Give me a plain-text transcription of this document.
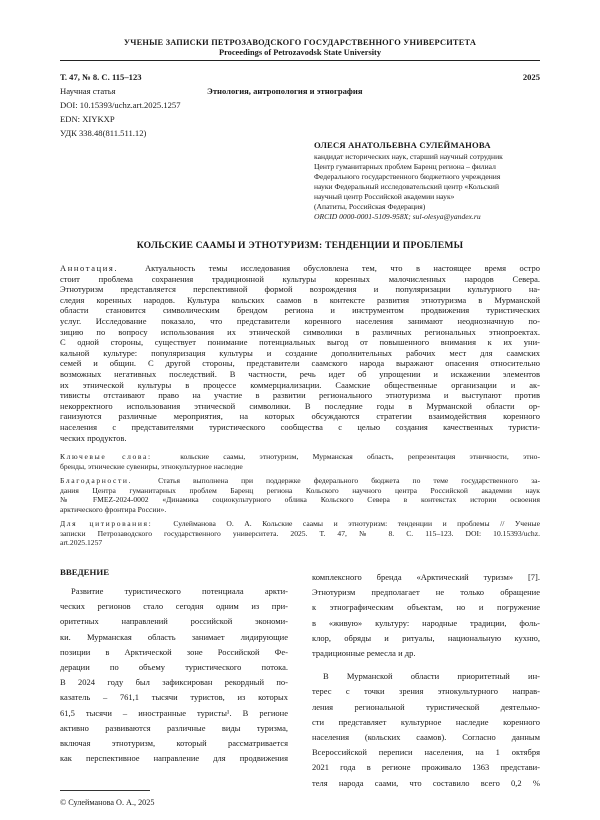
УЧЕНЫЕ ЗАПИСКИ ПЕТРОЗАВОДСКОГО ГОСУДАРСТВЕННОГО УНИВЕРСИТЕТА
Proceedings of Petrozavodsk State University
Т. 47, № 8. С. 115–123	2025
Научная статья	Этнология, антропология и этнография
DOI: 10.15393/uchz.art.2025.1257
EDN: XIYKXP
УДК 338.48(811.511.12)
ОЛЕСЯ АНАТОЛЬЕВНА СУЛЕЙМАНОВА
кандидат исторических наук, старший научный сотрудник
Центр гуманитарных проблем Баренц региона – филиал
Федерального государственного бюджетного учреждения
науки Федеральный исследовательский центр «Кольский
научный центр Российской академии наук»
(Апатиты, Российская Федерация)
ORCID 0000-0001-5109-958X; sul-olesya@yandex.ru
КОЛЬСКИЕ СААМЫ И ЭТНОТУРИЗМ: ТЕНДЕНЦИИ И ПРОБЛЕМЫ
Аннотация.	Актуальность темы исследования обусловлена тем, что в настоящее время остро
стоит проблема сохранения традиционной культуры коренных малочисленных народов Севера.
Этнотуризм представляется перспективной формой возрождения и популяризации культурного на-
следия коренных народов. Культура кольских саамов в контексте развития этнотуризма в Мурманской
области становится символическим брендом региона и инструментом продвижения туристических
услуг. Исследование показало, что представители коренного населения занимают неоднозначную по-
зицию по вопросу использования их этнической символики в различных региональных этнопроектах.
С одной стороны, существует понимание потенциальных выгод от повышенного внимания к их уни-
кальной культуре: популяризация культуры и создание дополнительных рабочих мест для саамских
семей и общин. С другой стороны, представители саамского народа выражают опасения относительно
возможных негативных последствий. В частности, речь идет об упрощении и искажении элементов
их этнической культуры в процессе коммерциализации. Саамские общественные организации и ак-
тивисты отстаивают право на участие в развитии регионального этнотуризма и выступают против
некорректного использования этнической символики. В последние годы в Мурманской области ор-
ганизуются различные мероприятия, на которых обсуждаются стратегии взаимодействия коренного
населения с представителями туристического сообщества с целью создания качественных туристи-
ческих продуктов.
Ключевые слова:	кольские саамы, этнотуризм, Мурманская область, репрезентация этничности, этно-
бренды, этнические сувениры, этнокультурное наследие
Благодарности.	Статья выполнена при поддержке федерального бюджета по теме государственного за-
дания Центра гуманитарных проблем Баренц региона Кольского научного центра Российской академии наук
№ FMEZ-2024-0002 «Динамика социокультурного облика Кольского Севера в контекстах истории освоения
арктического фронтира России».
Для цитирования:	Сулейманова О. А. Кольские саамы и этнотуризм: тенденции и проблемы // Ученые
записки Петрозаводского государственного университета. 2025. Т. 47, № 8. С. 115–123. DOI: 10.15393/uchz.
art.2025.1257
ВВЕДЕНИЕ

Развитие туристического потенциала аркти-

ческих регионов стало сегодня одним из при-

оритетных направлений российской экономи-

ки. Мурманская область занимает лидирующие

позиции в Арктической зоне Российской Фе-

дерации по объему туристического потока.

В 2024 году был зафиксирован рекордный по-

казатель – 761,1 тысячи туристов, из которых

61,5 тысячи – иностранные туристы¹. В регионе

активно развиваются различные виды туризма,

включая этнотуризм, который рассматривается

как перспективное направление для продвижения

комплексного бренда «Арктический туризм» [7].

Этнотуризм предполагает не только обращение

к этнографическим объектам, но и погружение

в «живую» культуру: народные традиции, фоль-

клор, обряды и ритуалы, национальную кухню,

традиционные ремесла и др.

В Мурманской области приоритетный ин-

терес с точки зрения этнокультурного направ-

ления региональной туристической деятельно-

сти представляет культурное наследие коренного

населения (кольских саамов). Согласно данным

Всероссийской переписи населения, на 1 октября

2021 года в регионе проживало 1363 представи-

теля народа саами, что составило всего 0,2 %

© Сулейманова О. А., 2025
